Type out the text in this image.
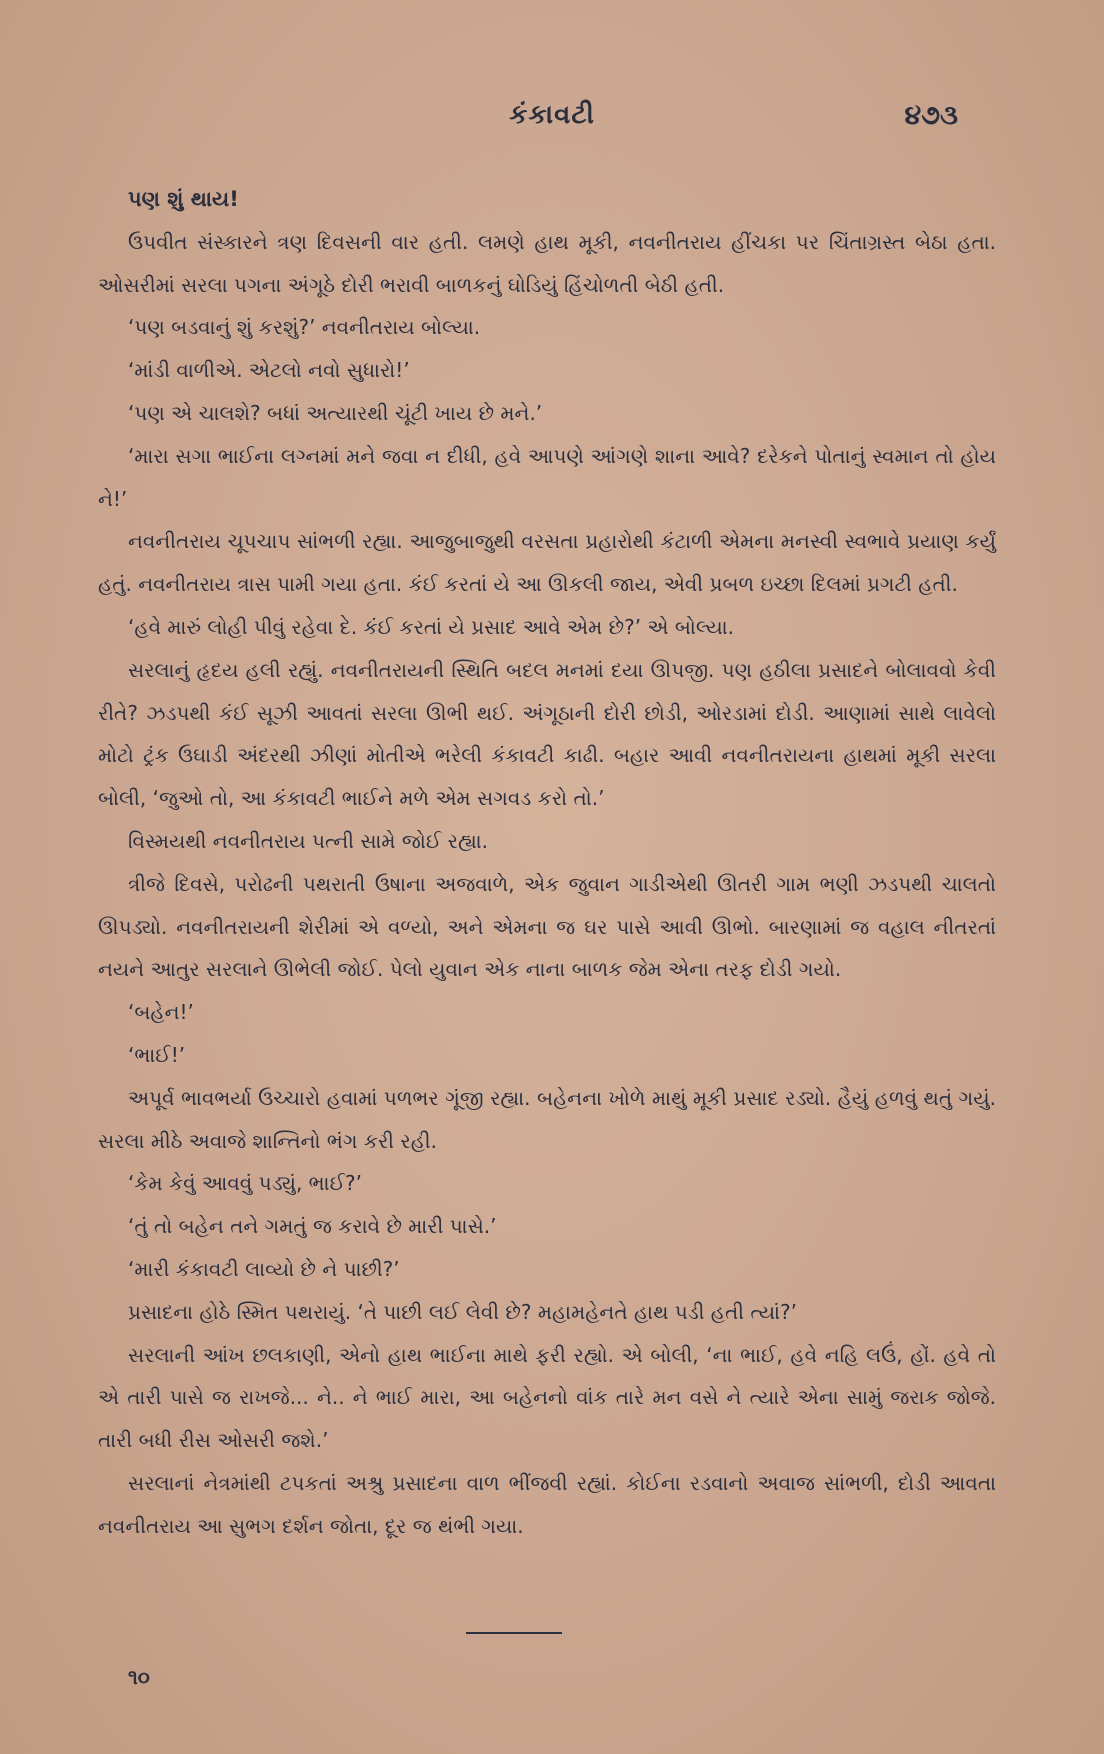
કંકાવટી	૪૭૩
પણ શું થાય!

ઉપવીત સંસ્કારને ત્રણ દિવસની વાર હતી. લમણે હાથ મૂકી, નવનીતરાય હીંચકા પર ચિંતાગ્રસ્ત બેઠા હતા. ઓસરીમાં સરલા પગના અંગૂઠે દોરી ભરાવી બાળકનું ઘોડિયું હિંચોળતી બેઠી હતી.

‘પણ બડવાનું શું કરશું?’ નવનીતરાય બોલ્યા.

‘માંડી વાળીએ. એટલો નવો સુધારો!’

‘પણ એ ચાલશે? બધાં અત્યારથી ચૂંટી ખાય છે મને.’

‘મારા સગા ભાઈના લગ્નમાં મને જવા ન દીધી, હવે આપણે આંગણે શાના આવે? દરેકને પોતાનું સ્વમાન તો હોય ને!’

નવનીતરાય ચૂપચાપ સાંભળી રહ્યા. આજુબાજુથી વરસતા પ્રહારોથી કંટાળી એમના મનસ્વી સ્વભાવે પ્રયાણ કર્યું હતું. નવનીતરાય ત્રાસ પામી ગયા હતા. કંઈ કરતાં યે આ ઊકલી જાય, એવી પ્રબળ ઇચ્છા દિલમાં પ્રગટી હતી.

‘હવે મારું લોહી પીવું રહેવા દે. કંઈ કરતાં યે પ્રસાદ આવે એમ છે?’ એ બોલ્યા.

સરલાનું હૃદય હલી રહ્યું. નવનીતરાયની સ્થિતિ બદલ મનમાં દયા ઊપજી. પણ હઠીલા પ્રસાદને બોલાવવો કેવી રીતે? ઝડપથી કંઈ સૂઝી આવતાં સરલા ઊભી થઈ. અંગૂઠાની દોરી છોડી, ઓરડામાં દોડી. આણામાં સાથે લાવેલો મોટો ટ્રંક ઉઘાડી અંદરથી ઝીણાં મોતીએ ભરેલી કંકાવટી કાઢી. બહાર આવી નવનીતરાયના હાથમાં મૂકી સરલા બોલી, ‘જુઓ તો, આ કંકાવટી ભાઈને મળે એમ સગવડ કરો તો.’

વિસ્મયથી નવનીતરાય પત્ની સામે જોઈ રહ્યા.

ત્રીજે દિવસે, પરોઢની પથરાતી ઉષાના અજવાળે, એક જુવાન ગાડીએથી ઊતરી ગામ ભણી ઝડપથી ચાલતો ઊપડ્યો. નવનીતરાયની શેરીમાં એ વળ્યો, અને એમના જ ઘર પાસે આવી ઊભો. બારણામાં જ વહાલ નીતરતાં નયને આતુર સરલાને ઊભેલી જોઈ. પેલો યુવાન એક નાના બાળક જેમ એના તરફ દોડી ગયો.

‘બહેન!’

‘ભાઈ!’

અપૂર્વ ભાવભર્યા ઉચ્ચારો હવામાં પળભર ગૂંજી રહ્યા. બહેનના ખોળે માથું મૂકી પ્રસાદ રડ્યો. હૈયું હળવું થતું ગયું. સરલા મીઠે અવાજે શાન્તિનો ભંગ કરી રહી.

‘કેમ કેવું આવવું પડ્યું, ભાઈ?’

‘તું તો બહેન તને ગમતું જ કરાવે છે મારી પાસે.’

‘મારી કંકાવટી લાવ્યો છે ને પાછી?’

પ્રસાદના હોઠે સ્મિત પથરાયું. ‘તે પાછી લઈ લેવી છે? મહામહેનતે હાથ પડી હતી ત્યાં?’

સરલાની આંખ છલકાણી, એનો હાથ ભાઈના માથે ફરી રહ્યો. એ બોલી, ‘ના ભાઈ, હવે નહિ લઉં, હોં. હવે તો એ તારી પાસે જ રાખજે... ને.. ને ભાઈ મારા, આ બહેનનો વાંક તારે મન વસે ને ત્યારે એના સામું જરાક જોજે. તારી બધી રીસ ઓસરી જશે.’

સરલાનાં નેત્રમાંથી ટપકતાં અશ્રુ પ્રસાદના વાળ ભીંજવી રહ્યાં. કોઈના રડવાનો અવાજ સાંભળી, દોડી આવતા નવનીતરાય આ સુભગ દર્શન જોતા, દૂર જ થંભી ગયા.

૧૦
